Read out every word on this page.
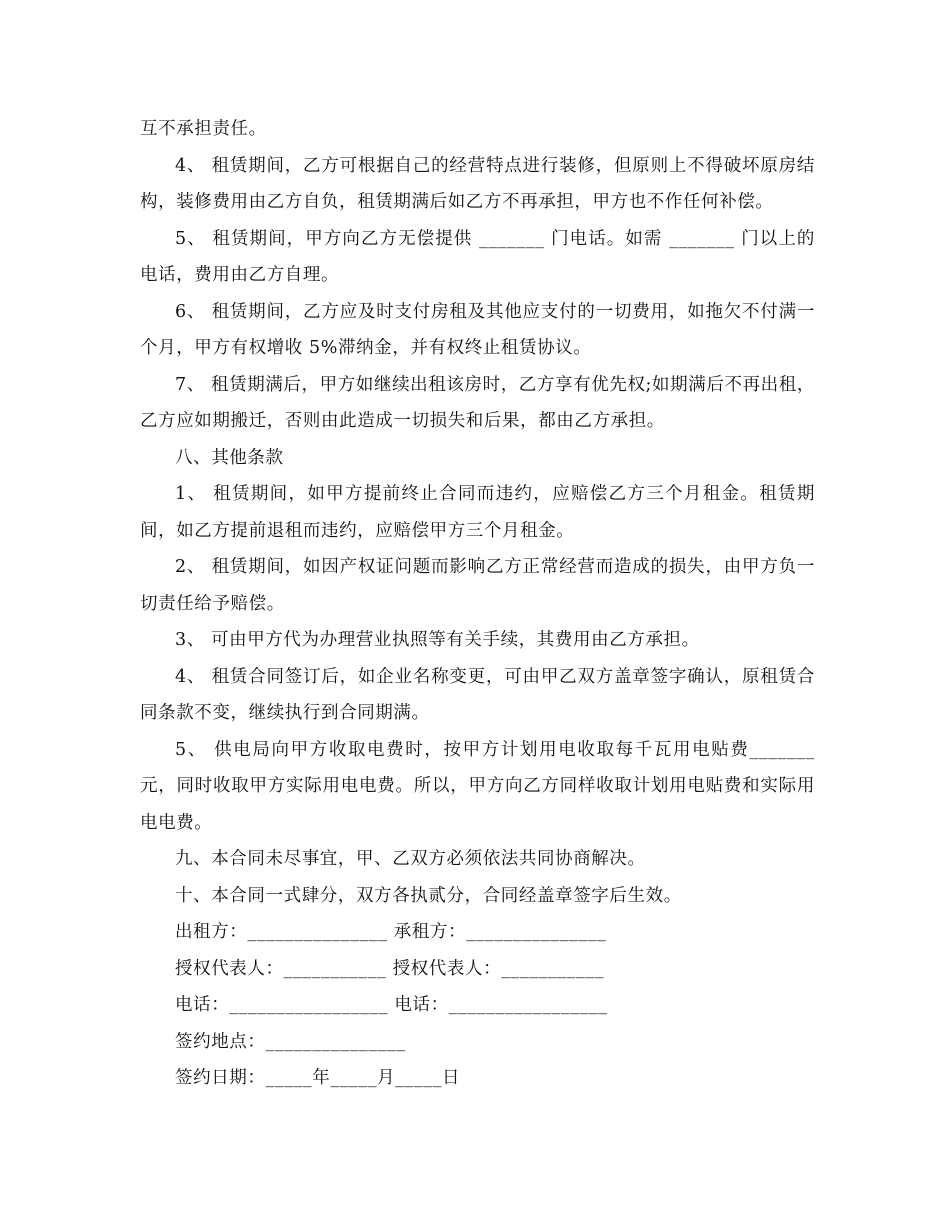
互不承担责任。

4、 租赁期间，乙方可根据自己的经营特点进行装修，但原则上不得破坏原房结构，装修费用由乙方自负，租赁期满后如乙方不再承担，甲方也不作任何补偿。

5、 租赁期间，甲方向乙方无偿提供 _______ 门电话。如需 _______ 门以上的电话，费用由乙方自理。

6、 租赁期间，乙方应及时支付房租及其他应支付的一切费用，如拖欠不付满一个月，甲方有权增收 5%滞纳金，并有权终止租赁协议。

7、 租赁期满后，甲方如继续出租该房时，乙方享有优先权;如期满后不再出租，乙方应如期搬迁，否则由此造成一切损失和后果，都由乙方承担。

八、其他条款

1、 租赁期间，如甲方提前终止合同而违约，应赔偿乙方三个月租金。租赁期间，如乙方提前退租而违约，应赔偿甲方三个月租金。

2、 租赁期间，如因产权证问题而影响乙方正常经营而造成的损失，由甲方负一切责任给予赔偿。

3、 可由甲方代为办理营业执照等有关手续，其费用由乙方承担。

4、 租赁合同签订后，如企业名称变更，可由甲乙双方盖章签字确认，原租赁合同条款不变，继续执行到合同期满。

5、 供电局向甲方收取电费时，按甲方计划用电收取每千瓦用电贴费_______元，同时收取甲方实际用电电费。所以，甲方向乙方同样收取计划用电贴费和实际用电电费。

九、本合同未尽事宜，甲、乙双方必须依法共同协商解决。

十、本合同一式肆分，双方各执贰分，合同经盖章签字后生效。

出租方：_______________ 承租方：_______________

授权代表人：___________ 授权代表人：___________

电话：_________________ 电话：_________________

签约地点：_______________

签约日期：_____年_____月_____日
